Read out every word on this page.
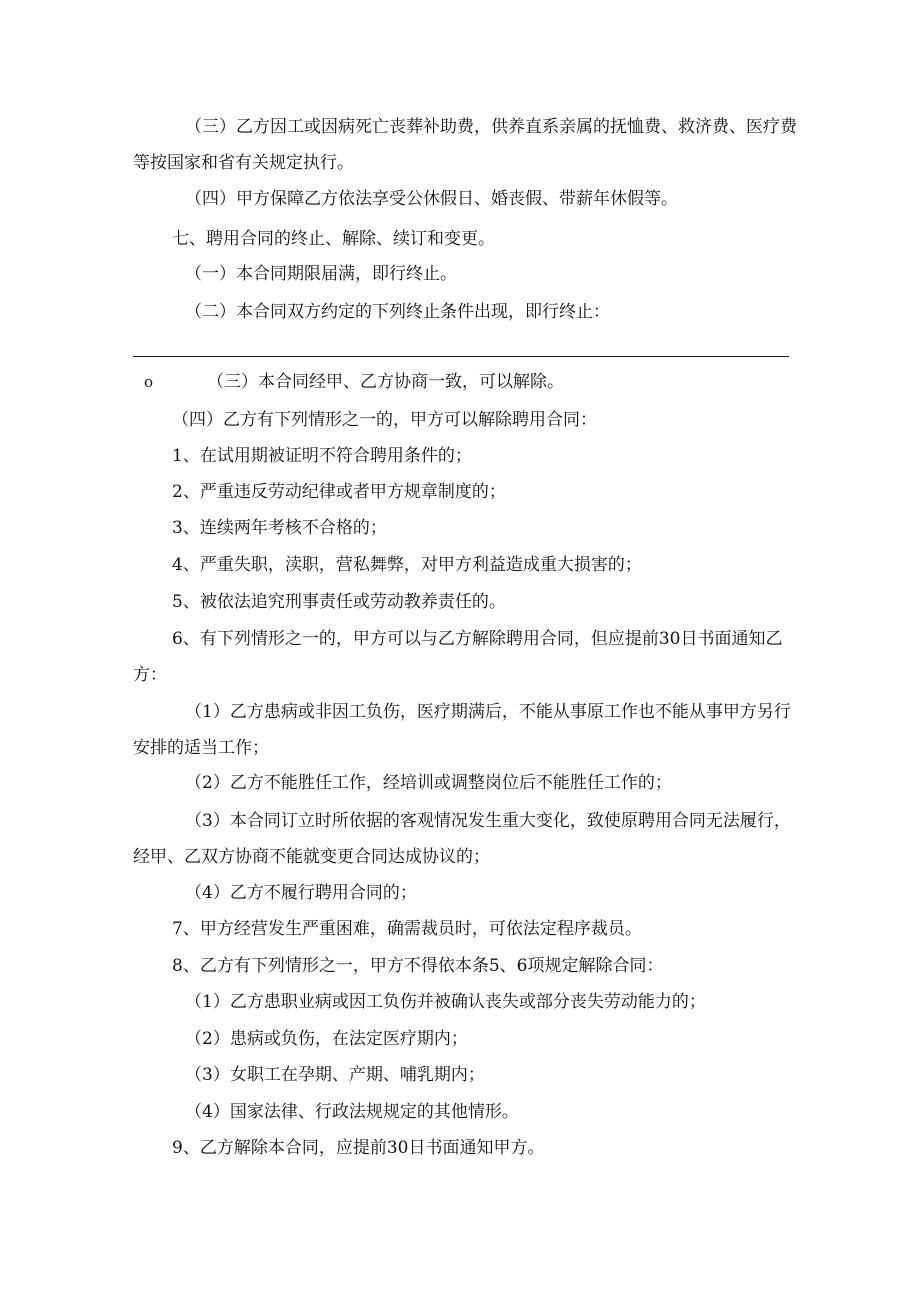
（三）乙方因工或因病死亡丧葬补助费，供养直系亲属的抚恤费、救济费、医疗费
等按国家和省有关规定执行。
（四）甲方保障乙方依法享受公休假日、婚丧假、带薪年休假等。
七、聘用合同的终止、解除、续订和变更。
（一）本合同期限届满，即行终止。
（二）本合同双方约定的下列终止条件出现，即行终止：
o	（三）本合同经甲、乙方协商一致，可以解除。
（四）乙方有下列情形之一的，甲方可以解除聘用合同：
1、在试用期被证明不符合聘用条件的；
2、严重违反劳动纪律或者甲方规章制度的；
3、连续两年考核不合格的；
4、严重失职，渎职，营私舞弊，对甲方利益造成重大损害的；
5、被依法追究刑事责任或劳动教养责任的。
6、有下列情形之一的，甲方可以与乙方解除聘用合同，但应提前30日书面通知乙
方：
（1）乙方患病或非因工负伤，医疗期满后，不能从事原工作也不能从事甲方另行
安排的适当工作；
（2）乙方不能胜任工作，经培训或调整岗位后不能胜任工作的；
（3）本合同订立时所依据的客观情况发生重大变化，致使原聘用合同无法履行，
经甲、乙双方协商不能就变更合同达成协议的；
（4）乙方不履行聘用合同的；
7、甲方经营发生严重困难，确需裁员时，可依法定程序裁员。
8、乙方有下列情形之一，甲方不得依本条5、6项规定解除合同：
（1）乙方患职业病或因工负伤并被确认丧失或部分丧失劳动能力的；
（2）患病或负伤，在法定医疗期内；
（3）女职工在孕期、产期、哺乳期内；
（4）国家法律、行政法规规定的其他情形。
9、乙方解除本合同，应提前30日书面通知甲方。
